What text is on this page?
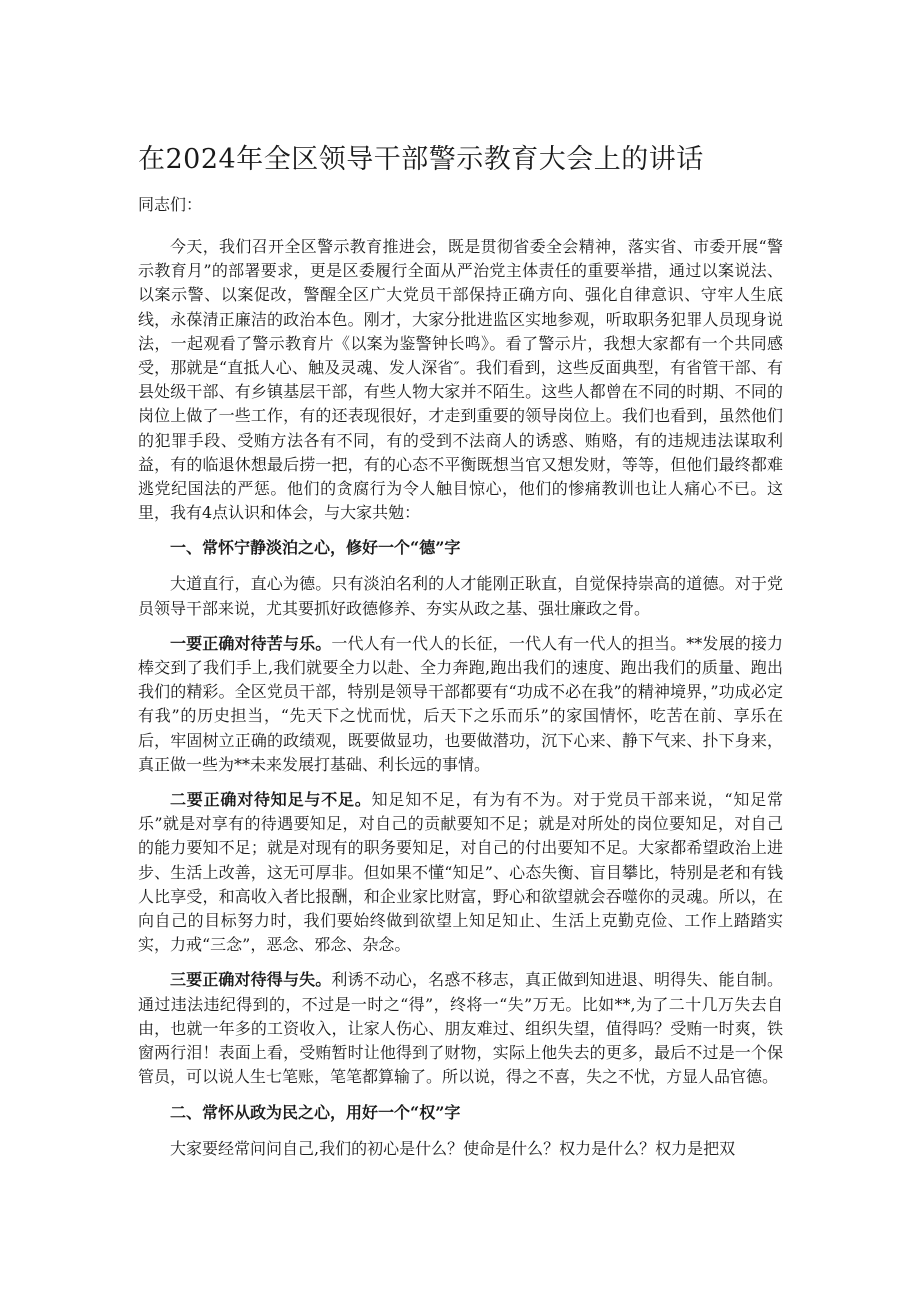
在2024年全区领导干部警示教育大会上的讲话

同志们：

今天，我们召开全区警示教育推进会，既是贯彻省委全会精神，落实省、市委开展“警示教育月”的部署要求，更是区委履行全面从严治党主体责任的重要举措，通过以案说法、以案示警、以案促改，警醒全区广大党员干部保持正确方向、强化自律意识、守牢人生底线，永葆清正廉洁的政治本色。刚才，大家分批进监区实地参观，听取职务犯罪人员现身说法，一起观看了警示教育片《以案为鉴警钟长鸣》。看了警示片，我想大家都有一个共同感受，那就是“直抵人心、触及灵魂、发人深省″。我们看到，这些反面典型，有省管干部、有县处级干部、有乡镇基层干部，有些人物大家并不陌生。这些人都曾在不同的时期、不同的岗位上做了一些工作，有的还表现很好，才走到重要的领导岗位上。我们也看到，虽然他们的犯罪手段、受贿方法各有不同，有的受到不法商人的诱惑、贿赂，有的违规违法谋取利益，有的临退休想最后捞一把，有的心态不平衡既想当官又想发财，等等，但他们最终都难逃党纪国法的严惩。他们的贪腐行为令人触目惊心，他们的惨痛教训也让人痛心不已。这里，我有4点认识和体会，与大家共勉：

一、常怀宁静淡泊之心，修好一个“德”字

大道直行，直心为德。只有淡泊名利的人才能刚正耿直，自觉保持崇高的道德。对于党员领导干部来说，尤其要抓好政德修养、夯实从政之基、强壮廉政之骨。

一要正确对待苦与乐。一代人有一代人的长征，一代人有一代人的担当。**发展的接力棒交到了我们手上,我们就要全力以赴、全力奔跑,跑出我们的速度、跑出我们的质量、跑出我们的精彩。全区党员干部，特别是领导干部都要有“功成不必在我”的精神境界，”功成必定有我”的历史担当，“先天下之忧而忧，后天下之乐而乐”的家国情怀，吃苦在前、享乐在后，牢固树立正确的政绩观，既要做显功，也要做潜功，沉下心来、静下气来、扑下身来，真正做一些为**未来发展打基础、利长远的事情。

二要正确对待知足与不足。知足知不足，有为有不为。对于党员干部来说，“知足常乐”就是对享有的待遇要知足，对自己的贡献要知不足；就是对所处的岗位要知足，对自己的能力要知不足；就是对现有的职务要知足，对自己的付出要知不足。大家都希望政治上进步、生活上改善，这无可厚非。但如果不懂“知足”、心态失衡、盲目攀比，特别是老和有钱人比享受，和高收入者比报酬，和企业家比财富，野心和欲望就会吞噬你的灵魂。所以，在向自己的目标努力时，我们要始终做到欲望上知足知止、生活上克勤克俭、工作上踏踏实实，力戒“三念”，恶念、邪念、杂念。

三要正确对待得与失。利诱不动心，名惑不移志，真正做到知进退、明得失、能自制。通过违法违纪得到的，不过是一时之“得”，终将一“失”万无。比如**,为了二十几万失去自由，也就一年多的工资收入，让家人伤心、朋友难过、组织失望，值得吗？受贿一时爽，铁窗两行泪！表面上看，受贿暂时让他得到了财物，实际上他失去的更多，最后不过是一个保管员，可以说人生七笔账，笔笔都算输了。所以说，得之不喜，失之不忧，方显人品官德。

二、常怀从政为民之心，用好一个“权”字

大家要经常问问自己,我们的初心是什么？使命是什么？权力是什么？权力是把双
